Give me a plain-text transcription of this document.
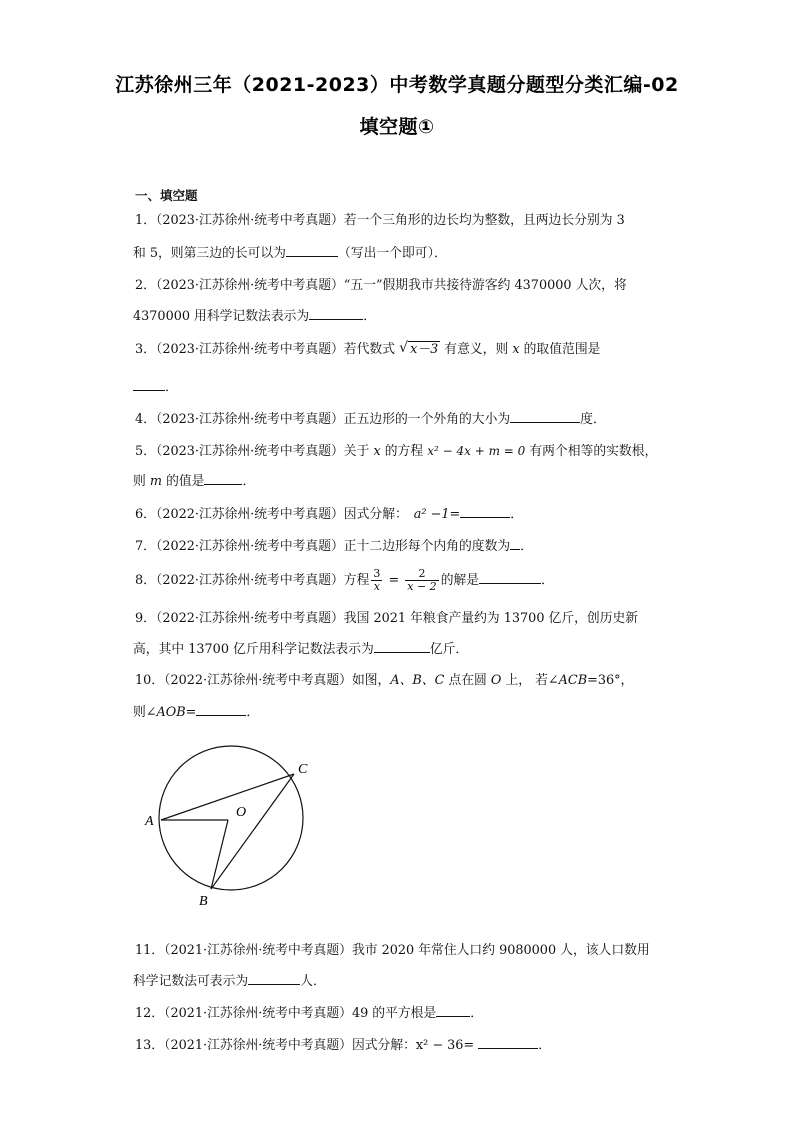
江苏徐州三年（2021-2023）中考数学真题分题型分类汇编-02
填空题①
一、填空题
1．（2023·江苏徐州·统考中考真题）若一个三角形的边长均为整数，且两边长分别为 3
和 5，则第三边的长可以为	（写出一个即可）．
2．（2023·江苏徐州·统考中考真题）“五一”假期我市共接待游客约 4370000 人次，将
4370000 用科学记数法表示为	．
3．（2023·江苏徐州·统考中考真题）若代数式 √ x－3 有意义，则 x 的取值范围是
．
4．（2023·江苏徐州·统考中考真题）正五边形的一个外角的大小为	度．
5．（2023·江苏徐州·统考中考真题）关于 x 的方程 x² − 4x + m = 0 有两个相等的实数根，
则 m 的值是	．
6．（2022·江苏徐州·统考中考真题）因式分解： a² −1=	．
7．（2022·江苏徐州·统考中考真题）正十二边形每个内角的度数为 ．
8．（2022·江苏徐州·统考中考真题）方程 $\frac{3}{x} = \frac{2}{x - 2}$ 的解是	．
9．（2022·江苏徐州·统考中考真题）我国 2021 年粮食产量约为 13700 亿斤，创历史新
高，其中 13700 亿斤用科学记数法表示为	亿斤．
10．（2022·江苏徐州·统考中考真题）如图，A、B、C 点在圆 O 上， 若∠ACB=36°，
则∠AOB=	．
A
B
C
O
11．（2021·江苏徐州·统考中考真题）我市 2020 年常住人口约 9080000 人，该人口数用
科学记数法可表示为	人．
12．（2021·江苏徐州·统考中考真题）49 的平方根是	．
13．（2021·江苏徐州·统考中考真题）因式分解：x² − 36=	．
